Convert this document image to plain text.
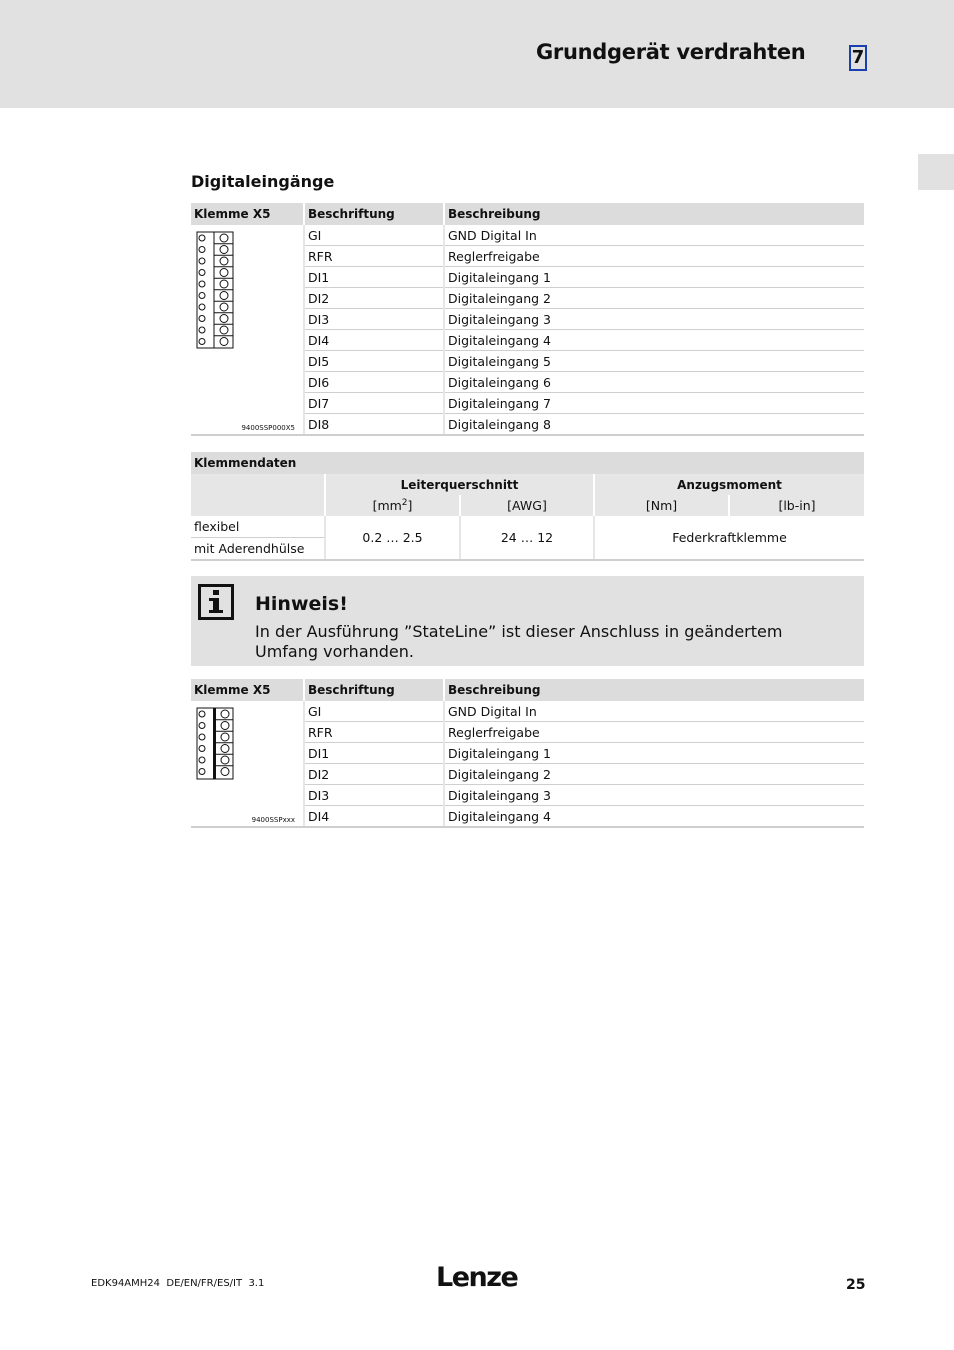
Grundgerät verdrahten	7
Digitaleingänge
Klemme X5	Beschriftung	Beschreibung

9400SSP000X5	GI	GND Digital In
	RFR	Reglerfreigabe
	DI1	Digitaleingang 1
	DI2	Digitaleingang 2
	DI3	Digitaleingang 3
	DI4	Digitaleingang 4
	DI5	Digitaleingang 5
	DI6	Digitaleingang 6
	DI7	Digitaleingang 7
	DI8	Digitaleingang 8
Klemmendaten				
	Leiterquerschnitt		Anzugsmoment	
	$[mm^2]$	[AWG]	[Nm]	[lb-in]
flexibel	0.2 … 2.5	24 … 12	Federkraftklemme	
mit Aderendhülse				
Hinweis!
In der Ausführung ”StateLine” ist dieser Anschluss in geändertem Umfang vorhanden.
Klemme X5	Beschriftung	Beschreibung

9400SSPxxx	GI	GND Digital In
	RFR	Reglerfreigabe
	DI1	Digitaleingang 1
	DI2	Digitaleingang 2
	DI3	Digitaleingang 3
	DI4	Digitaleingang 4
EDK94AMH24  DE/EN/FR/ES/IT  3.1	Lenze	25
